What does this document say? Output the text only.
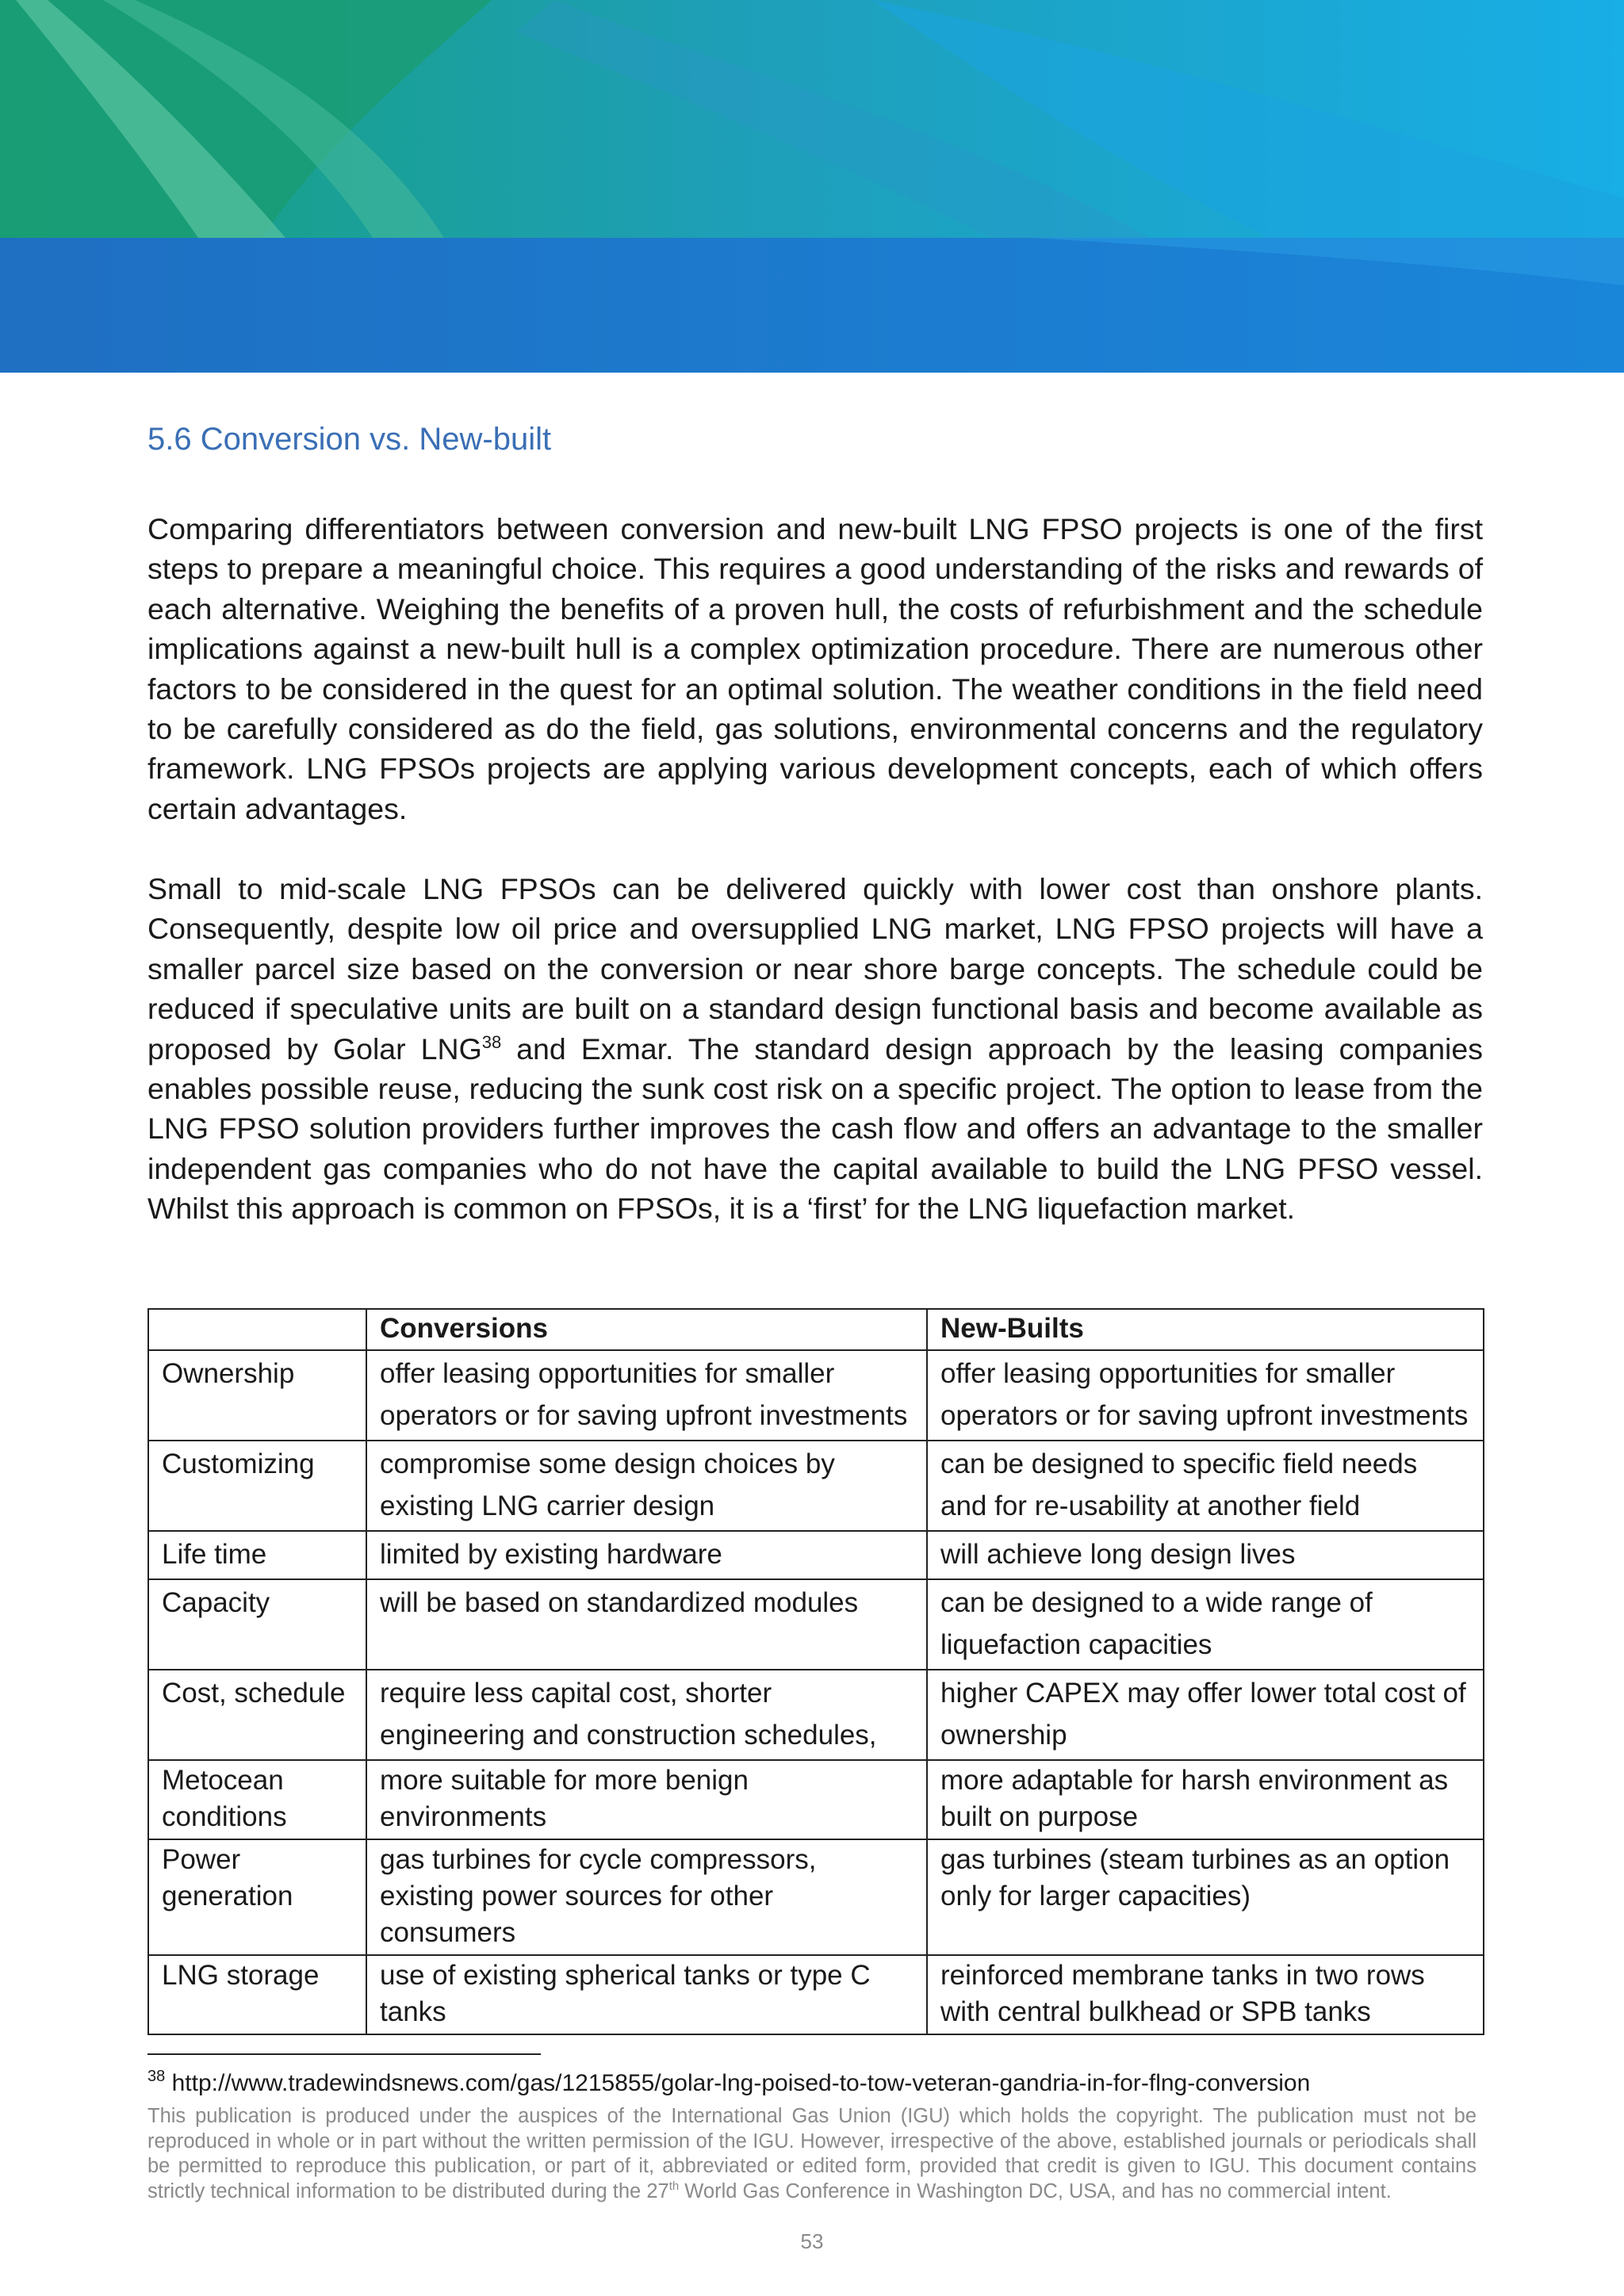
5.6 Conversion vs. New-built

Comparing differentiators between conversion and new-built LNG FPSO projects is one of the first steps to prepare a meaningful choice. This requires a good understanding of the risks and rewards of each alternative. Weighing the benefits of a proven hull, the costs of refurbishment and the schedule implications against a new-built hull is a complex optimization procedure. There are numerous other factors to be considered in the quest for an optimal solution. The weather conditions in the field need to be carefully considered as do the field, gas solutions, environmental concerns and the regulatory framework. LNG FPSOs projects are applying various development concepts, each of which offers certain advantages.

Small to mid-scale LNG FPSOs can be delivered quickly with lower cost than onshore plants. Consequently, despite low oil price and oversupplied LNG market, LNG FPSO projects will have a smaller parcel size based on the conversion or near shore barge concepts. The schedule could be reduced if speculative units are built on a standard design functional basis and become available as proposed by Golar LNG$^{38}$ and Exmar. The standard design approach by the leasing companies enables possible reuse, reducing the sunk cost risk on a specific project. The option to lease from the LNG FPSO solution providers further improves the cash flow and offers an advantage to the smaller independent gas companies who do not have the capital available to build the LNG PFSO vessel. Whilst this approach is common on FPSOs, it is a ‘first’ for the LNG liquefaction market.

	Conversions	New-Builts
Ownership	offer leasing opportunities for smaller operators or for saving upfront investments	offer leasing opportunities for smaller operators or for saving upfront investments
Customizing	compromise some design choices by existing LNG carrier design	can be designed to specific field needs and for re-usability at another field
Life time	limited by existing hardware	will achieve long design lives
Capacity	will be based on standardized modules	can be designed to a wide range of liquefaction capacities
Cost, schedule	require less capital cost, shorter engineering and construction schedules,	higher CAPEX may offer lower total cost of ownership
Metocean conditions	more suitable for more benign environments	more adaptable for harsh environment as built on purpose
Power generation	gas turbines for cycle compressors, existing power sources for other consumers	gas turbines (steam turbines as an option only for larger capacities)
LNG storage	use of existing spherical tanks or type C tanks	reinforced membrane tanks in two rows with central bulkhead or SPB tanks
$^{38}$ http://www.tradewindsnews.com/gas/1215855/golar-lng-poised-to-tow-veteran-gandria-in-for-flng-conversion
This publication is produced under the auspices of the International Gas Union (IGU) which holds the copyright. The publication must not be reproduced in whole or in part without the written permission of the IGU. However, irrespective of the above, established journals or periodicals shall be permitted to reproduce this publication, or part of it, abbreviated or edited form, provided that credit is given to IGU. This document contains strictly technical information to be distributed during the 27th World Gas Conference in Washington DC, USA, and has no commercial intent.
53
